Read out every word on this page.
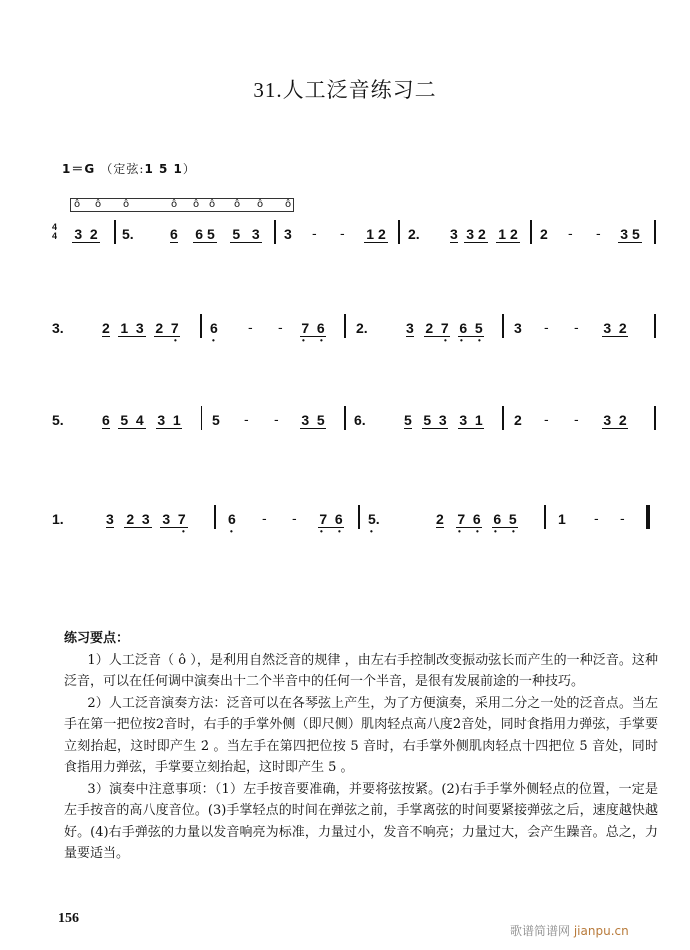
31.人工泛音练习二
1＝G （定弦:1 5 1）
ô ô ô	ô ô ô ô ô ô
4
4 3 2 5.	6 6 5 5 3 3 - - 1 2 2. 3 3 2 1 2 2 - - 3 5
3.	2 1 3 2 7
•
6
•
- - 7 6
• •
2.	3 2 7
•
6 5
• •
3 - - 3 2
5.	6 5 4 3 1 5 - - 3 5 6.	5 5 3 3 1 2 - - 3 2
1.	3 2 3 3 7
•
6
•
- - 7 6
• •
5.
•
2 7 6
• •
6 5
• •
1 - -
练习要点：

1）人工泛音（ ô ），是利用自然泛音的规律 ，由左右手控制改变振动弦长而产生的一种泛音。这种泛音，可以在任何调中演奏出十二个半音中的任何一个半音，是很有发展前途的一种技巧。

2）人工泛音演奏方法：泛音可以在各琴弦上产生，为了方便演奏，采用二分之一处的泛音点。当左手在第一把位按2音时，右手的手掌外侧（即尺侧）肌肉轻点高八度2̇音处，同时食指用力弹弦，手掌要立刻抬起，这时即产生 2̇ 。当左手在第四把位按 5 音时，右手掌外侧肌肉轻点十四把位 5̇ 音处，同时食指用力弹弦，手掌要立刻抬起，这时即产生 5̇ 。

3）演奏中注意事项：（1）左手按音要准确，并要将弦按紧。(2)右手手掌外侧轻点的位置，一定是左手按音的高八度音位。(3)手掌轻点的时间在弹弦之前，手掌离弦的时间要紧接弹弦之后，速度越快越好。(4)右手弹弦的力量以发音响亮为标准，力量过小，发音不响亮；力量过大，会产生躁音。总之，力量要适当。

156
歌谱简谱网 jianpu.cn
